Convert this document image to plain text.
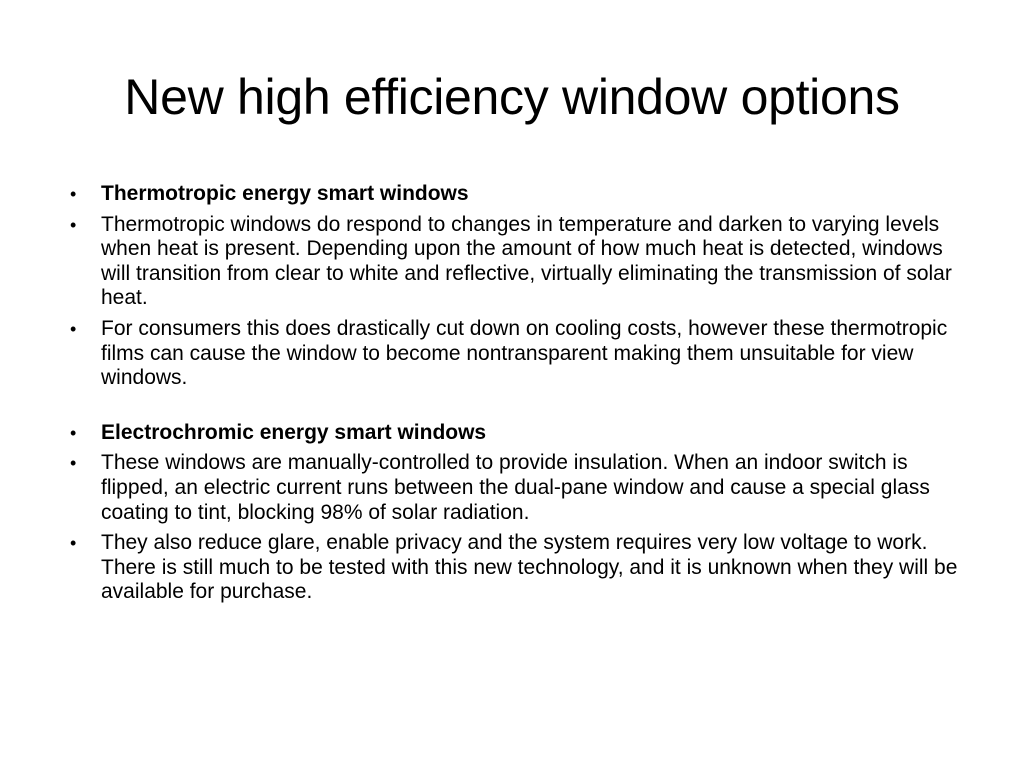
New high efficiency window options
•	Thermotropic energy smart windows
•	Thermotropic windows do respond to changes in temperature and darken to varying levels when heat is present. Depending upon the amount of how much heat is detected, windows will transition from clear to white and reflective, virtually eliminating the transmission of solar heat.
•	For consumers this does drastically cut down on cooling costs, however these thermotropic films can cause the window to become nontransparent making them unsuitable for view windows.
•	Electrochromic energy smart windows
•	These windows are manually-controlled to provide insulation. When an indoor switch is flipped, an electric current runs between the dual-pane window and cause a special glass coating to tint, blocking 98% of solar radiation.
•	They also reduce glare, enable privacy and the system requires very low voltage to work. There is still much to be tested with this new technology, and it is unknown when they will be available for purchase.
